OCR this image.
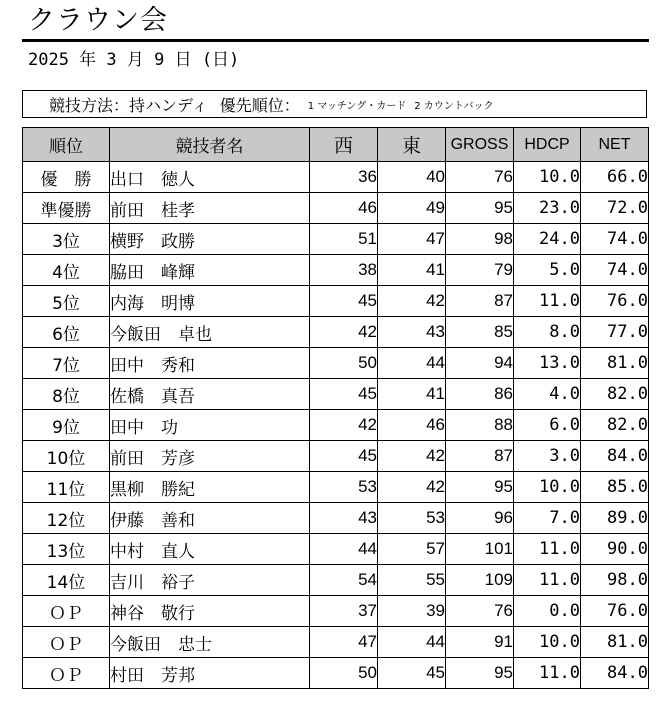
クラウン会
2025 年 3 月 9 日 (日)
競技方法：持ハンディ 優先順位： 1 マッチング・カード 2 カウントバック
順位	競技者名	西	東	GROSS	HDCP	NET
優　勝	出口　徳人	36	40	76	10.0	66.0
準優勝	前田　桂孝	46	49	95	23.0	72.0
3位	横野　政勝	51	47	98	24.0	74.0
4位	脇田　峰輝	38	41	79	5.0	74.0
5位	内海　明博	45	42	87	11.0	76.0
6位	今飯田　卓也	42	43	85	8.0	77.0
7位	田中　秀和	50	44	94	13.0	81.0
8位	佐橋　真吾	45	41	86	4.0	82.0
9位	田中　功	42	46	88	6.0	82.0
10位	前田　芳彦	45	42	87	3.0	84.0
11位	黒柳　勝紀	53	42	95	10.0	85.0
12位	伊藤　善和	43	53	96	7.0	89.0
13位	中村　直人	44	57	101	11.0	90.0
14位	吉川　裕子	54	55	109	11.0	98.0
ＯＰ	神谷　敬行	37	39	76	0.0	76.0
ＯＰ	今飯田　忠士	47	44	91	10.0	81.0
ＯＰ	村田　芳邦	50	45	95	11.0	84.0
